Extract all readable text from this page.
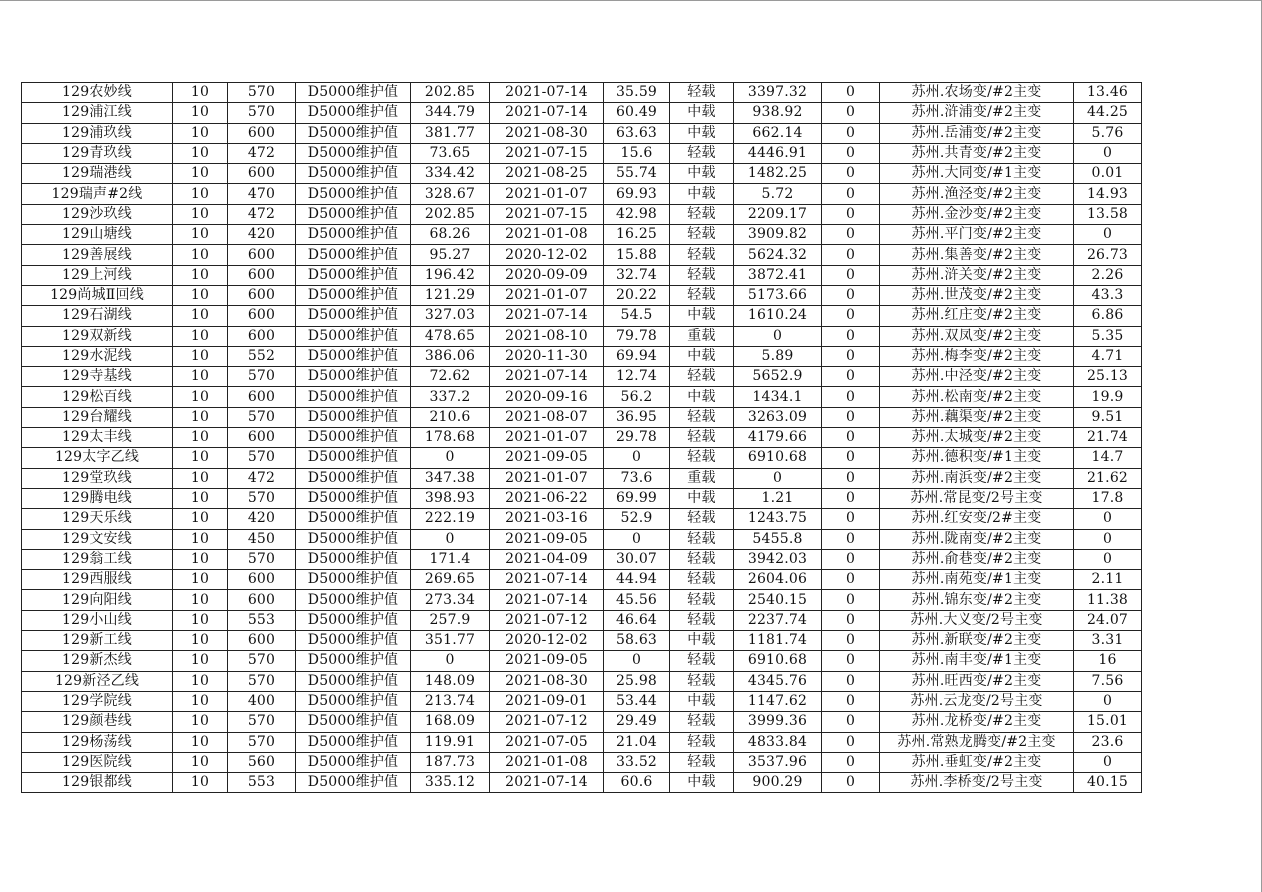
129农妙线	10	570	D5000维护值	202.85	2021-07-14	35.59	轻载	3397.32	0	苏州.农场变/#2主变	13.46
129浦江线	10	570	D5000维护值	344.79	2021-07-14	60.49	中载	938.92	0	苏州.浒浦变/#2主变	44.25
129浦玖线	10	600	D5000维护值	381.77	2021-08-30	63.63	中载	662.14	0	苏州.岳浦变/#2主变	5.76
129青玖线	10	472	D5000维护值	73.65	2021-07-15	15.6	轻载	4446.91	0	苏州.共青变/#2主变	0
129瑞港线	10	600	D5000维护值	334.42	2021-08-25	55.74	中载	1482.25	0	苏州.大同变/#1主变	0.01
129瑞声#2线	10	470	D5000维护值	328.67	2021-01-07	69.93	中载	5.72	0	苏州.渔泾变/#2主变	14.93
129沙玖线	10	472	D5000维护值	202.85	2021-07-15	42.98	轻载	2209.17	0	苏州.金沙变/#2主变	13.58
129山塘线	10	420	D5000维护值	68.26	2021-01-08	16.25	轻载	3909.82	0	苏州.平门变/#2主变	0
129善展线	10	600	D5000维护值	95.27	2020-12-02	15.88	轻载	5624.32	0	苏州.集善变/#2主变	26.73
129上河线	10	600	D5000维护值	196.42	2020-09-09	32.74	轻载	3872.41	0	苏州.浒关变/#2主变	2.26
129尚城Ⅱ回线	10	600	D5000维护值	121.29	2021-01-07	20.22	轻载	5173.66	0	苏州.世茂变/#2主变	43.3
129石湖线	10	600	D5000维护值	327.03	2021-07-14	54.5	中载	1610.24	0	苏州.红庄变/#2主变	6.86
129双新线	10	600	D5000维护值	478.65	2021-08-10	79.78	重载	0	0	苏州.双凤变/#2主变	5.35
129水泥线	10	552	D5000维护值	386.06	2020-11-30	69.94	中载	5.89	0	苏州.梅李变/#2主变	4.71
129寺基线	10	570	D5000维护值	72.62	2021-07-14	12.74	轻载	5652.9	0	苏州.中泾变/#2主变	25.13
129松百线	10	600	D5000维护值	337.2	2020-09-16	56.2	中载	1434.1	0	苏州.松南变/#2主变	19.9
129台耀线	10	570	D5000维护值	210.6	2021-08-07	36.95	轻载	3263.09	0	苏州.藕渠变/#2主变	9.51
129太丰线	10	600	D5000维护值	178.68	2021-01-07	29.78	轻载	4179.66	0	苏州.太城变/#2主变	21.74
129太字乙线	10	570	D5000维护值	0	2021-09-05	0	轻载	6910.68	0	苏州.德积变/#1主变	14.7
129堂玖线	10	472	D5000维护值	347.38	2021-01-07	73.6	重载	0	0	苏州.南浜变/#2主变	21.62
129腾电线	10	570	D5000维护值	398.93	2021-06-22	69.99	中载	1.21	0	苏州.常昆变/2号主变	17.8
129天乐线	10	420	D5000维护值	222.19	2021-03-16	52.9	轻载	1243.75	0	苏州.红安变/2#主变	0
129文安线	10	450	D5000维护值	0	2021-09-05	0	轻载	5455.8	0	苏州.陇南变/#2主变	0
129翁工线	10	570	D5000维护值	171.4	2021-04-09	30.07	轻载	3942.03	0	苏州.俞巷变/#2主变	0
129西服线	10	600	D5000维护值	269.65	2021-07-14	44.94	轻载	2604.06	0	苏州.南苑变/#1主变	2.11
129向阳线	10	600	D5000维护值	273.34	2021-07-14	45.56	轻载	2540.15	0	苏州.锦东变/#2主变	11.38
129小山线	10	553	D5000维护值	257.9	2021-07-12	46.64	轻载	2237.74	0	苏州.大义变/2号主变	24.07
129新工线	10	600	D5000维护值	351.77	2020-12-02	58.63	中载	1181.74	0	苏州.新联变/#2主变	3.31
129新杰线	10	570	D5000维护值	0	2021-09-05	0	轻载	6910.68	0	苏州.南丰变/#1主变	16
129新泾乙线	10	570	D5000维护值	148.09	2021-08-30	25.98	轻载	4345.76	0	苏州.旺西变/#2主变	7.56
129学院线	10	400	D5000维护值	213.74	2021-09-01	53.44	中载	1147.62	0	苏州.云龙变/2号主变	0
129颜巷线	10	570	D5000维护值	168.09	2021-07-12	29.49	轻载	3999.36	0	苏州.龙桥变/#2主变	15.01
129杨荡线	10	570	D5000维护值	119.91	2021-07-05	21.04	轻载	4833.84	0	苏州.常熟龙腾变/#2主变	23.6
129医院线	10	560	D5000维护值	187.73	2021-01-08	33.52	轻载	3537.96	0	苏州.垂虹变/#2主变	0
129银都线	10	553	D5000维护值	335.12	2021-07-14	60.6	中载	900.29	0	苏州.李桥变/2号主变	40.15
